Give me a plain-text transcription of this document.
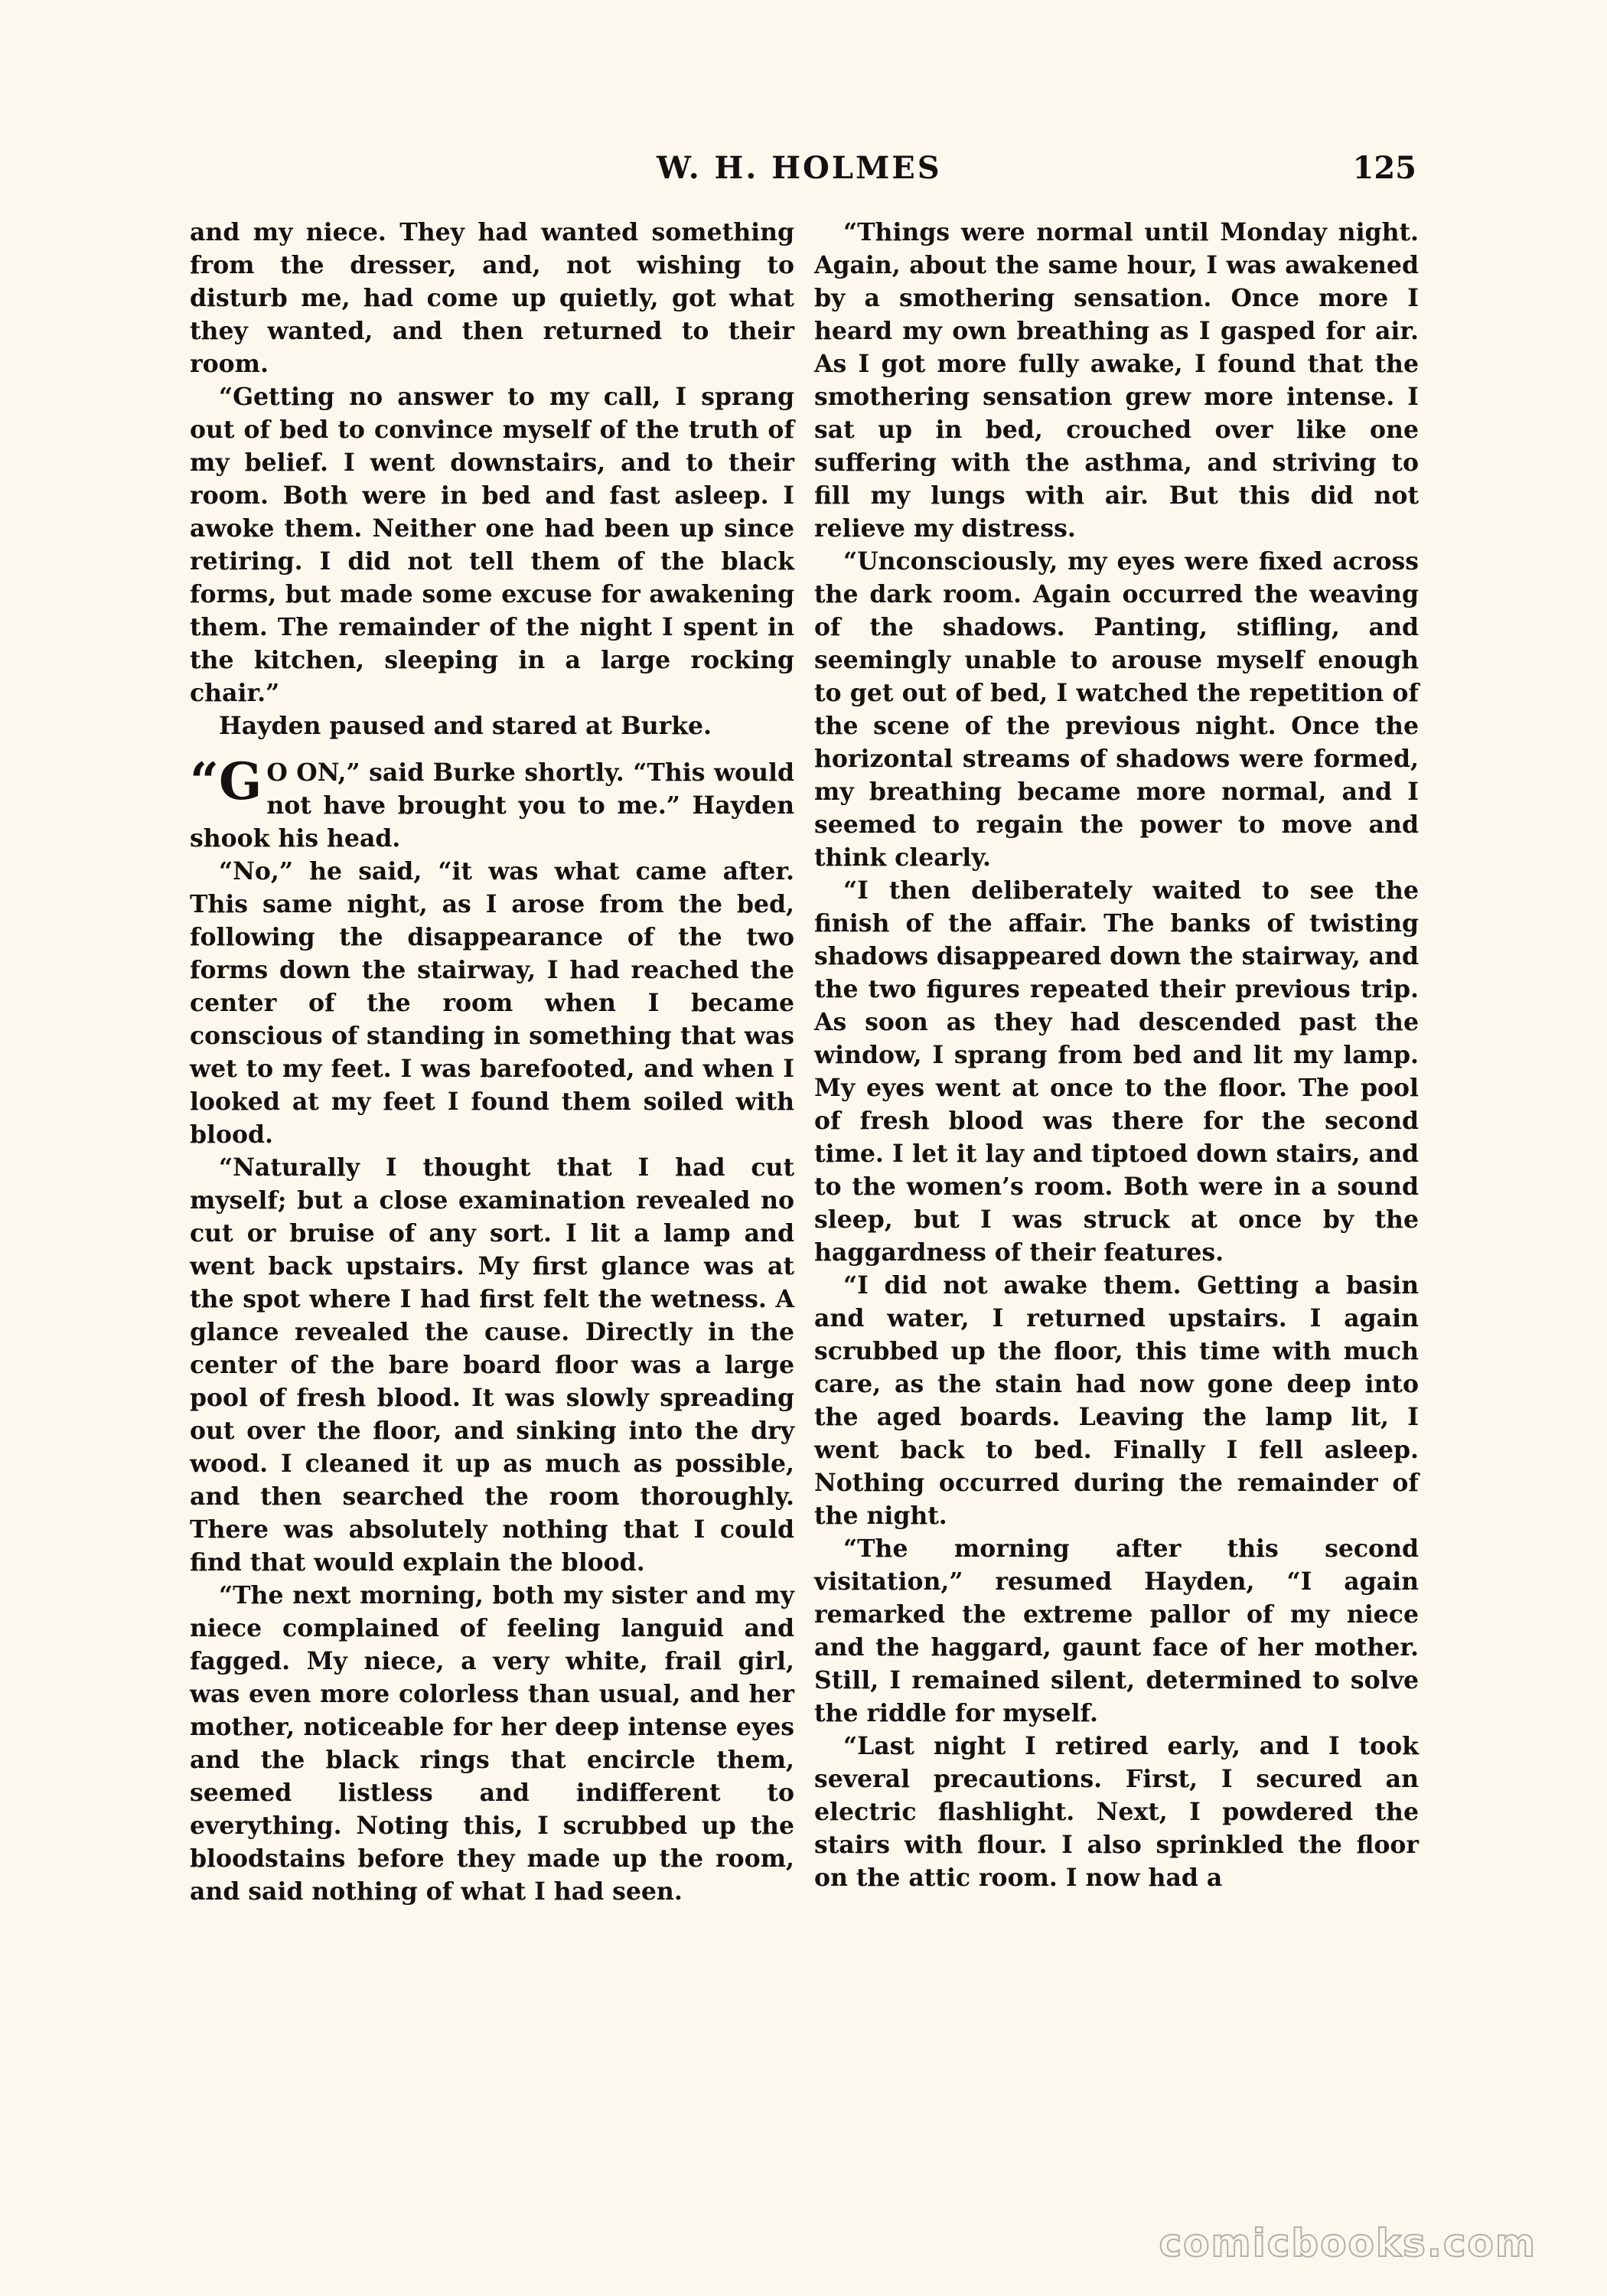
W. H. HOLMES	125

and my niece. They had wanted something from the dresser, and, not wishing to disturb me, had come up quietly, got what they wanted, and then returned to their room.

“Getting no answer to my call, I sprang out of bed to convince myself of the truth of my belief. I went downstairs, and to their room. Both were in bed and fast asleep. I awoke them. Neither one had been up since retiring. I did not tell them of the black forms, but made some excuse for awakening them. The remainder of the night I spent in the kitchen, sleeping in a large rocking chair.”

Hayden paused and stared at Burke.

“G O ON,” said Burke shortly. “This would not have brought you to me.” Hayden shook his head.

“No,” he said, “it was what came after. This same night, as I arose from the bed, following the disappearance of the two forms down the stairway, I had reached the center of the room when I became conscious of standing in something that was wet to my feet. I was barefooted, and when I looked at my feet I found them soiled with blood.

“Naturally I thought that I had cut myself; but a close examination revealed no cut or bruise of any sort. I lit a lamp and went back upstairs. My first glance was at the spot where I had first felt the wetness. A glance revealed the cause. Directly in the center of the bare board floor was a large pool of fresh blood. It was slowly spreading out over the floor, and sinking into the dry wood. I cleaned it up as much as possible, and then searched the room thoroughly. There was absolutely nothing that I could find that would explain the blood.

“The next morning, both my sister and my niece complained of feeling languid and fagged. My niece, a very white, frail girl, was even more colorless than usual, and her mother, noticeable for her deep intense eyes and the black rings that encircle them, seemed listless and indifferent to everything. Noting this, I scrubbed up the bloodstains before they made up the room, and said nothing of what I had seen.

“Things were normal until Monday night. Again, about the same hour, I was awakened by a smothering sensation. Once more I heard my own breathing as I gasped for air. As I got more fully awake, I found that the smothering sensation grew more intense. I sat up in bed, crouched over like one suffering with the asthma, and striving to fill my lungs with air. But this did not relieve my distress.

“Unconsciously, my eyes were fixed across the dark room. Again occurred the weaving of the shadows. Panting, stifling, and seemingly unable to arouse myself enough to get out of bed, I watched the repetition of the scene of the previous night. Once the horizontal streams of shadows were formed, my breathing became more normal, and I seemed to regain the power to move and think clearly.

“I then deliberately waited to see the finish of the affair. The banks of twisting shadows disappeared down the stairway, and the two figures repeated their previous trip. As soon as they had descended past the window, I sprang from bed and lit my lamp. My eyes went at once to the floor. The pool of fresh blood was there for the second time. I let it lay and tiptoed down stairs, and to the women’s room. Both were in a sound sleep, but I was struck at once by the haggardness of their features.

“I did not awake them. Getting a basin and water, I returned upstairs. I again scrubbed up the floor, this time with much care, as the stain had now gone deep into the aged boards. Leaving the lamp lit, I went back to bed. Finally I fell asleep. Nothing occurred during the remainder of the night.

“The morning after this second visitation,” resumed Hayden, “I again remarked the extreme pallor of my niece and the haggard, gaunt face of her mother. Still, I remained silent, determined to solve the riddle for myself.

“Last night I retired early, and I took several precautions. First, I secured an electric flashlight. Next, I powdered the stairs with flour. I also sprinkled the floor on the attic room. I now had a

comicbooks.com
